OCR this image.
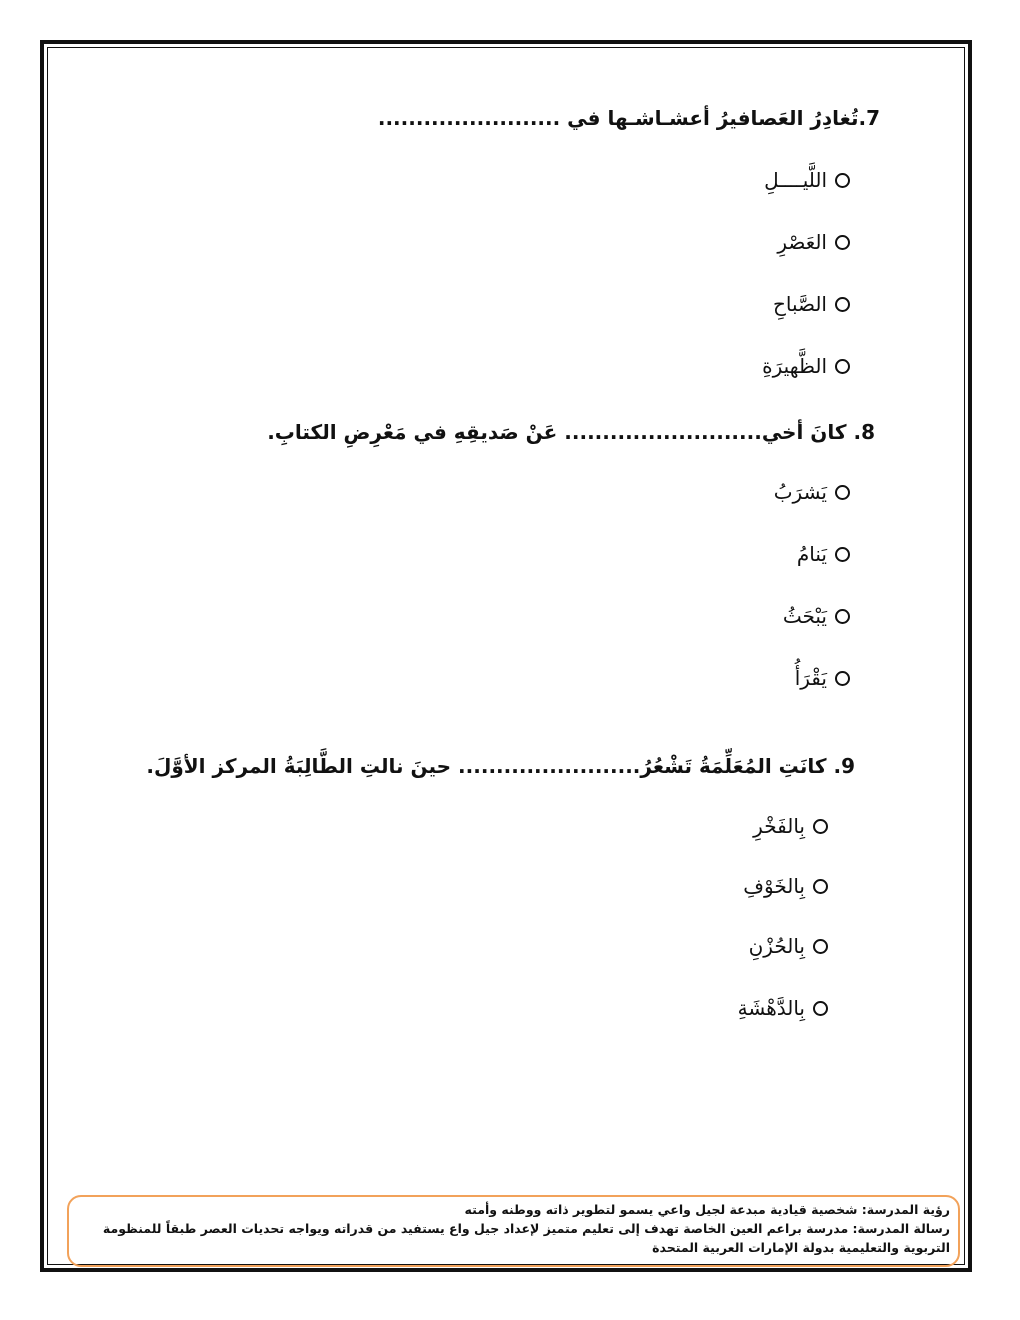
7.تُغادِرُ العَصافيرُ أعشـاشـها في ........................
اللَّيــــلِ
العَصْرِ
الصَّباحِ
الظَّهيرَةِ
8. كانَ أخي.......................... عَنْ صَديقِهِ في مَعْرِضِ الكتابِ.
يَشرَبُ
يَنامُ
يَبْحَثُ
يَقْرَأُ
9. كانَتِ المُعَلِّمَةُ تَشْعُرُ........................ حينَ نالتِ الطَّالِبَةُ المركز الأوَّلَ.
بِالفَخْرِ
بِالخَوْفِ
بِالحُزْنِ
بِالدَّهْشَةِ
رؤية المدرسة: شخصية قيادية مبدعة لجيل واعي يسمو لتطوير ذاته ووطنه وأمته
رسالة المدرسة: مدرسة براعم العين الخاصة تهدف إلى تعليم متميز لإعداد جيل واع يستفيد من قدراته ويواجه تحديات العصر طبقاً للمنظومة التربوية والتعليمية بدولة الإمارات العربية المتحدة
